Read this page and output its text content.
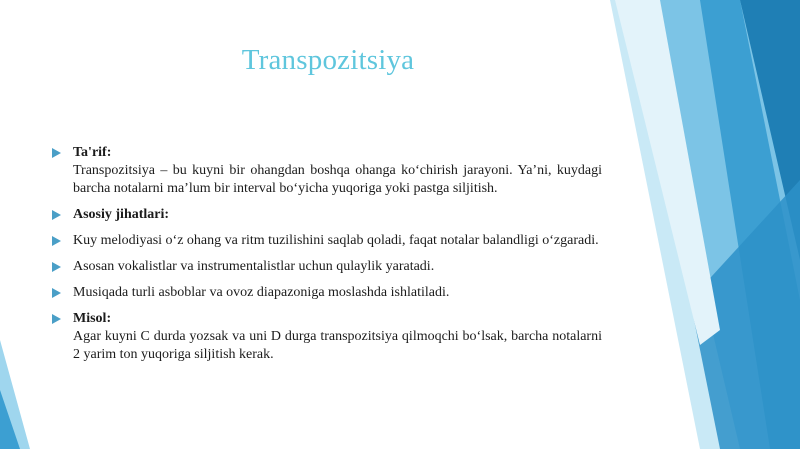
Transpozitsiya
Ta'rif:
Transpozitsiya – bu kuyni bir ohangdan boshqa ohanga ko‘chirish jarayoni. Ya’ni, kuydagi barcha notalarni ma’lum bir interval bo‘yicha yuqoriga yoki pastga siljitish.
Asosiy jihatlari:
Kuy melodiyasi o‘z ohang va ritm tuzilishini saqlab qoladi, faqat notalar balandligi o‘zgaradi.
Asosan vokalistlar va instrumentalistlar uchun qulaylik yaratadi.
Musiqada turli asboblar va ovoz diapazoniga moslashda ishlatiladi.
Misol:
Agar kuyni C durda yozsak va uni D durga transpozitsiya qilmoqchi bo‘lsak, barcha notalarni 2 yarim ton yuqoriga siljitish kerak.
